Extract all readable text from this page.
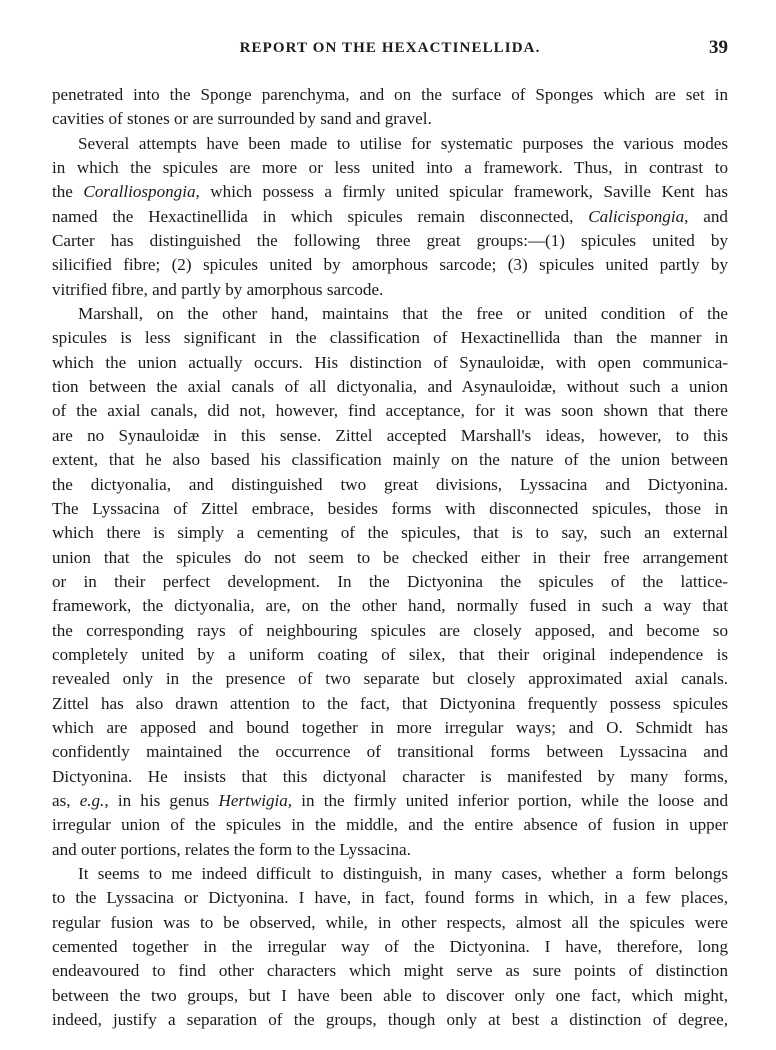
REPORT ON THE HEXACTINELLIDA.	39

penetrated into the Sponge parenchyma, and on the surface of Sponges which are set in

cavities of stones or are surrounded by sand and gravel.

Several attempts have been made to utilise for systematic purposes the various modes

in which the spicules are more or less united into a framework. Thus, in contrast to

the Coralliospongia, which possess a firmly united spicular framework, Saville Kent has

named the Hexactinellida in which spicules remain disconnected, Calicispongia, and

Carter has distinguished the following three great groups:—(1) spicules united by

silicified fibre; (2) spicules united by amorphous sarcode; (3) spicules united partly by

vitrified fibre, and partly by amorphous sarcode.

Marshall, on the other hand, maintains that the free or united condition of the

spicules is less significant in the classification of Hexactinellida than the manner in

which the union actually occurs. His distinction of Synauloidæ, with open communica-

tion between the axial canals of all dictyonalia, and Asynauloidæ, without such a union

of the axial canals, did not, however, find acceptance, for it was soon shown that there

are no Synauloidæ in this sense. Zittel accepted Marshall's ideas, however, to this

extent, that he also based his classification mainly on the nature of the union between

the dictyonalia, and distinguished two great divisions, Lyssacina and Dictyonina.

The Lyssacina of Zittel embrace, besides forms with disconnected spicules, those in

which there is simply a cementing of the spicules, that is to say, such an external

union that the spicules do not seem to be checked either in their free arrangement

or in their perfect development. In the Dictyonina the spicules of the lattice-

framework, the dictyonalia, are, on the other hand, normally fused in such a way that

the corresponding rays of neighbouring spicules are closely apposed, and become so

completely united by a uniform coating of silex, that their original independence is

revealed only in the presence of two separate but closely approximated axial canals.

Zittel has also drawn attention to the fact, that Dictyonina frequently possess spicules

which are apposed and bound together in more irregular ways; and O. Schmidt has

confidently maintained the occurrence of transitional forms between Lyssacina and

Dictyonina. He insists that this dictyonal character is manifested by many forms,

as, e.g., in his genus Hertwigia, in the firmly united inferior portion, while the loose and

irregular union of the spicules in the middle, and the entire absence of fusion in upper

and outer portions, relates the form to the Lyssacina.

It seems to me indeed difficult to distinguish, in many cases, whether a form belongs

to the Lyssacina or Dictyonina. I have, in fact, found forms in which, in a few places,

regular fusion was to be observed, while, in other respects, almost all the spicules were

cemented together in the irregular way of the Dictyonina. I have, therefore, long

endeavoured to find other characters which might serve as sure points of distinction

between the two groups, but I have been able to discover only one fact, which might,

indeed, justify a separation of the groups, though only at best a distinction of degree,
